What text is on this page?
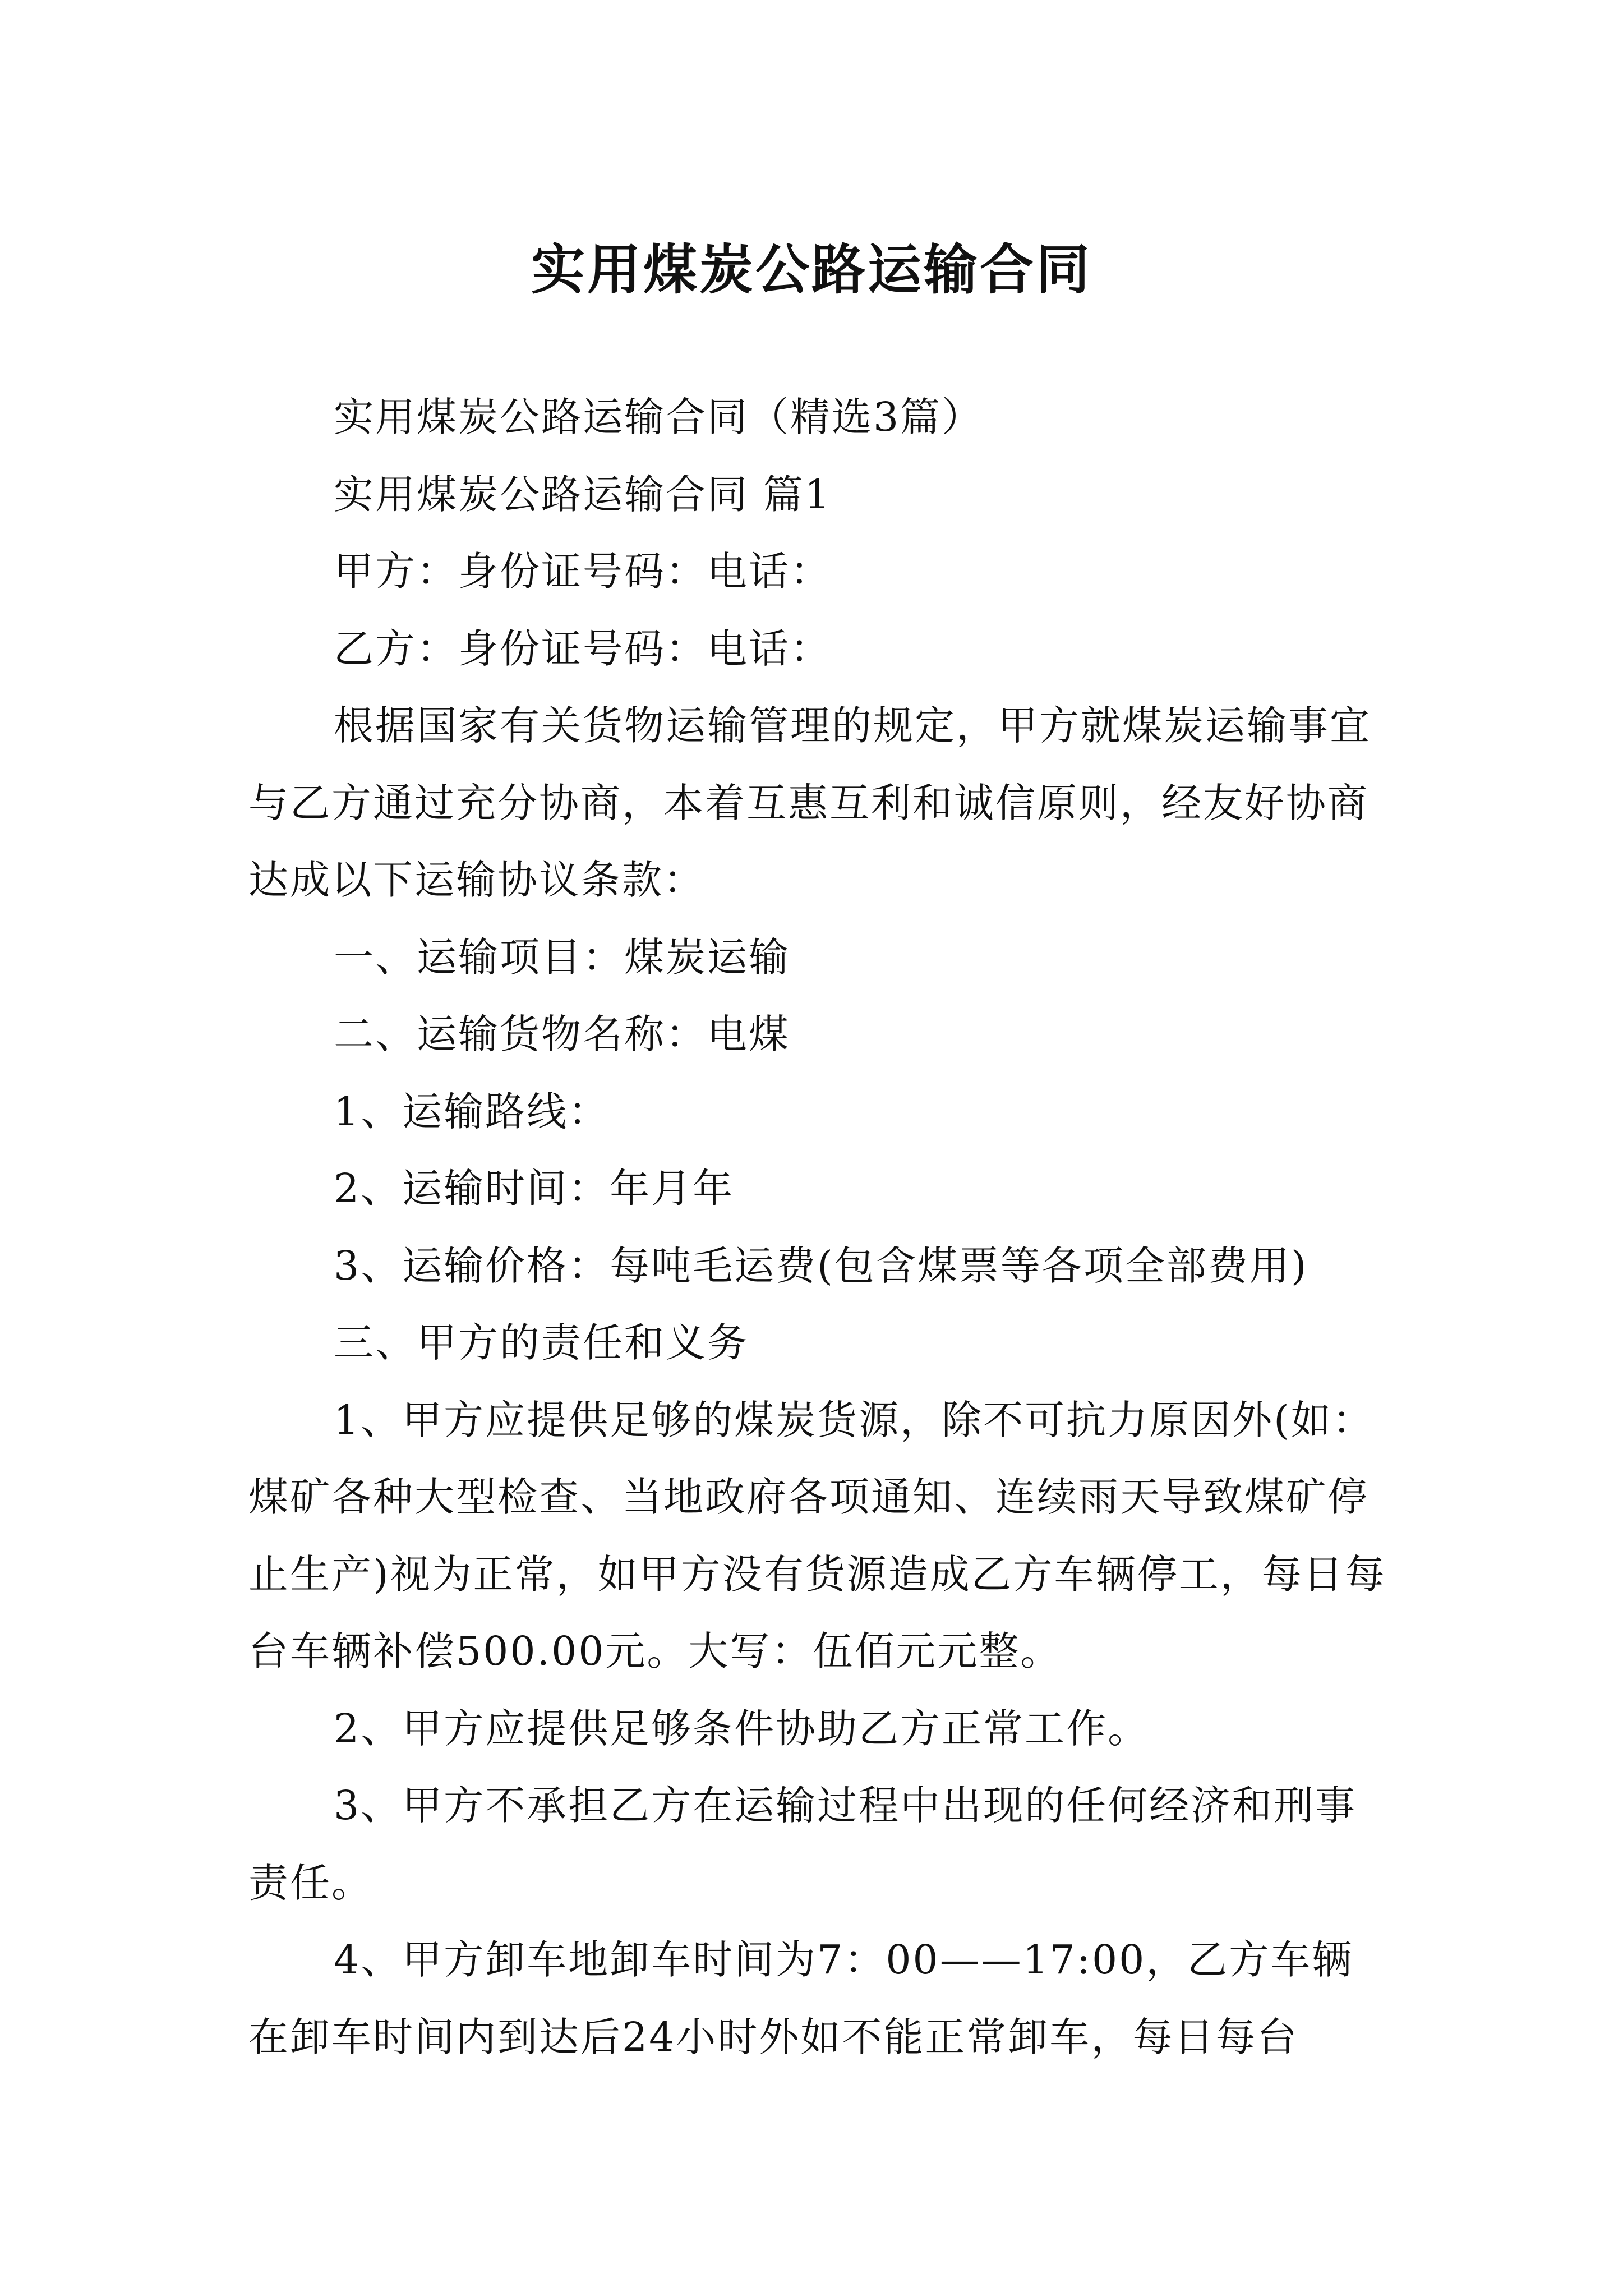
实用煤炭公路运输合同

实用煤炭公路运输合同（精选3篇）

实用煤炭公路运输合同 篇1

甲方：身份证号码：电话：

乙方：身份证号码：电话：

根据国家有关货物运输管理的规定，甲方就煤炭运输事宜与乙方通过充分协商，本着互惠互利和诚信原则，经友好协商达成以下运输协议条款：

一、运输项目：煤炭运输

二、运输货物名称：电煤

1、运输路线：

2、运输时间：年月年

3、运输价格：每吨毛运费(包含煤票等各项全部费用)

三、甲方的责任和义务

1、甲方应提供足够的煤炭货源，除不可抗力原因外(如：煤矿各种大型检查、当地政府各项通知、连续雨天导致煤矿停止生产)视为正常，如甲方没有货源造成乙方车辆停工，每日每台车辆补偿500.00元。大写：伍佰元元整。

2、甲方应提供足够条件协助乙方正常工作。

3、甲方不承担乙方在运输过程中出现的任何经济和刑事责任。

4、甲方卸车地卸车时间为7：00——17:00，乙方车辆在卸车时间内到达后24小时外如不能正常卸车，每日每台
